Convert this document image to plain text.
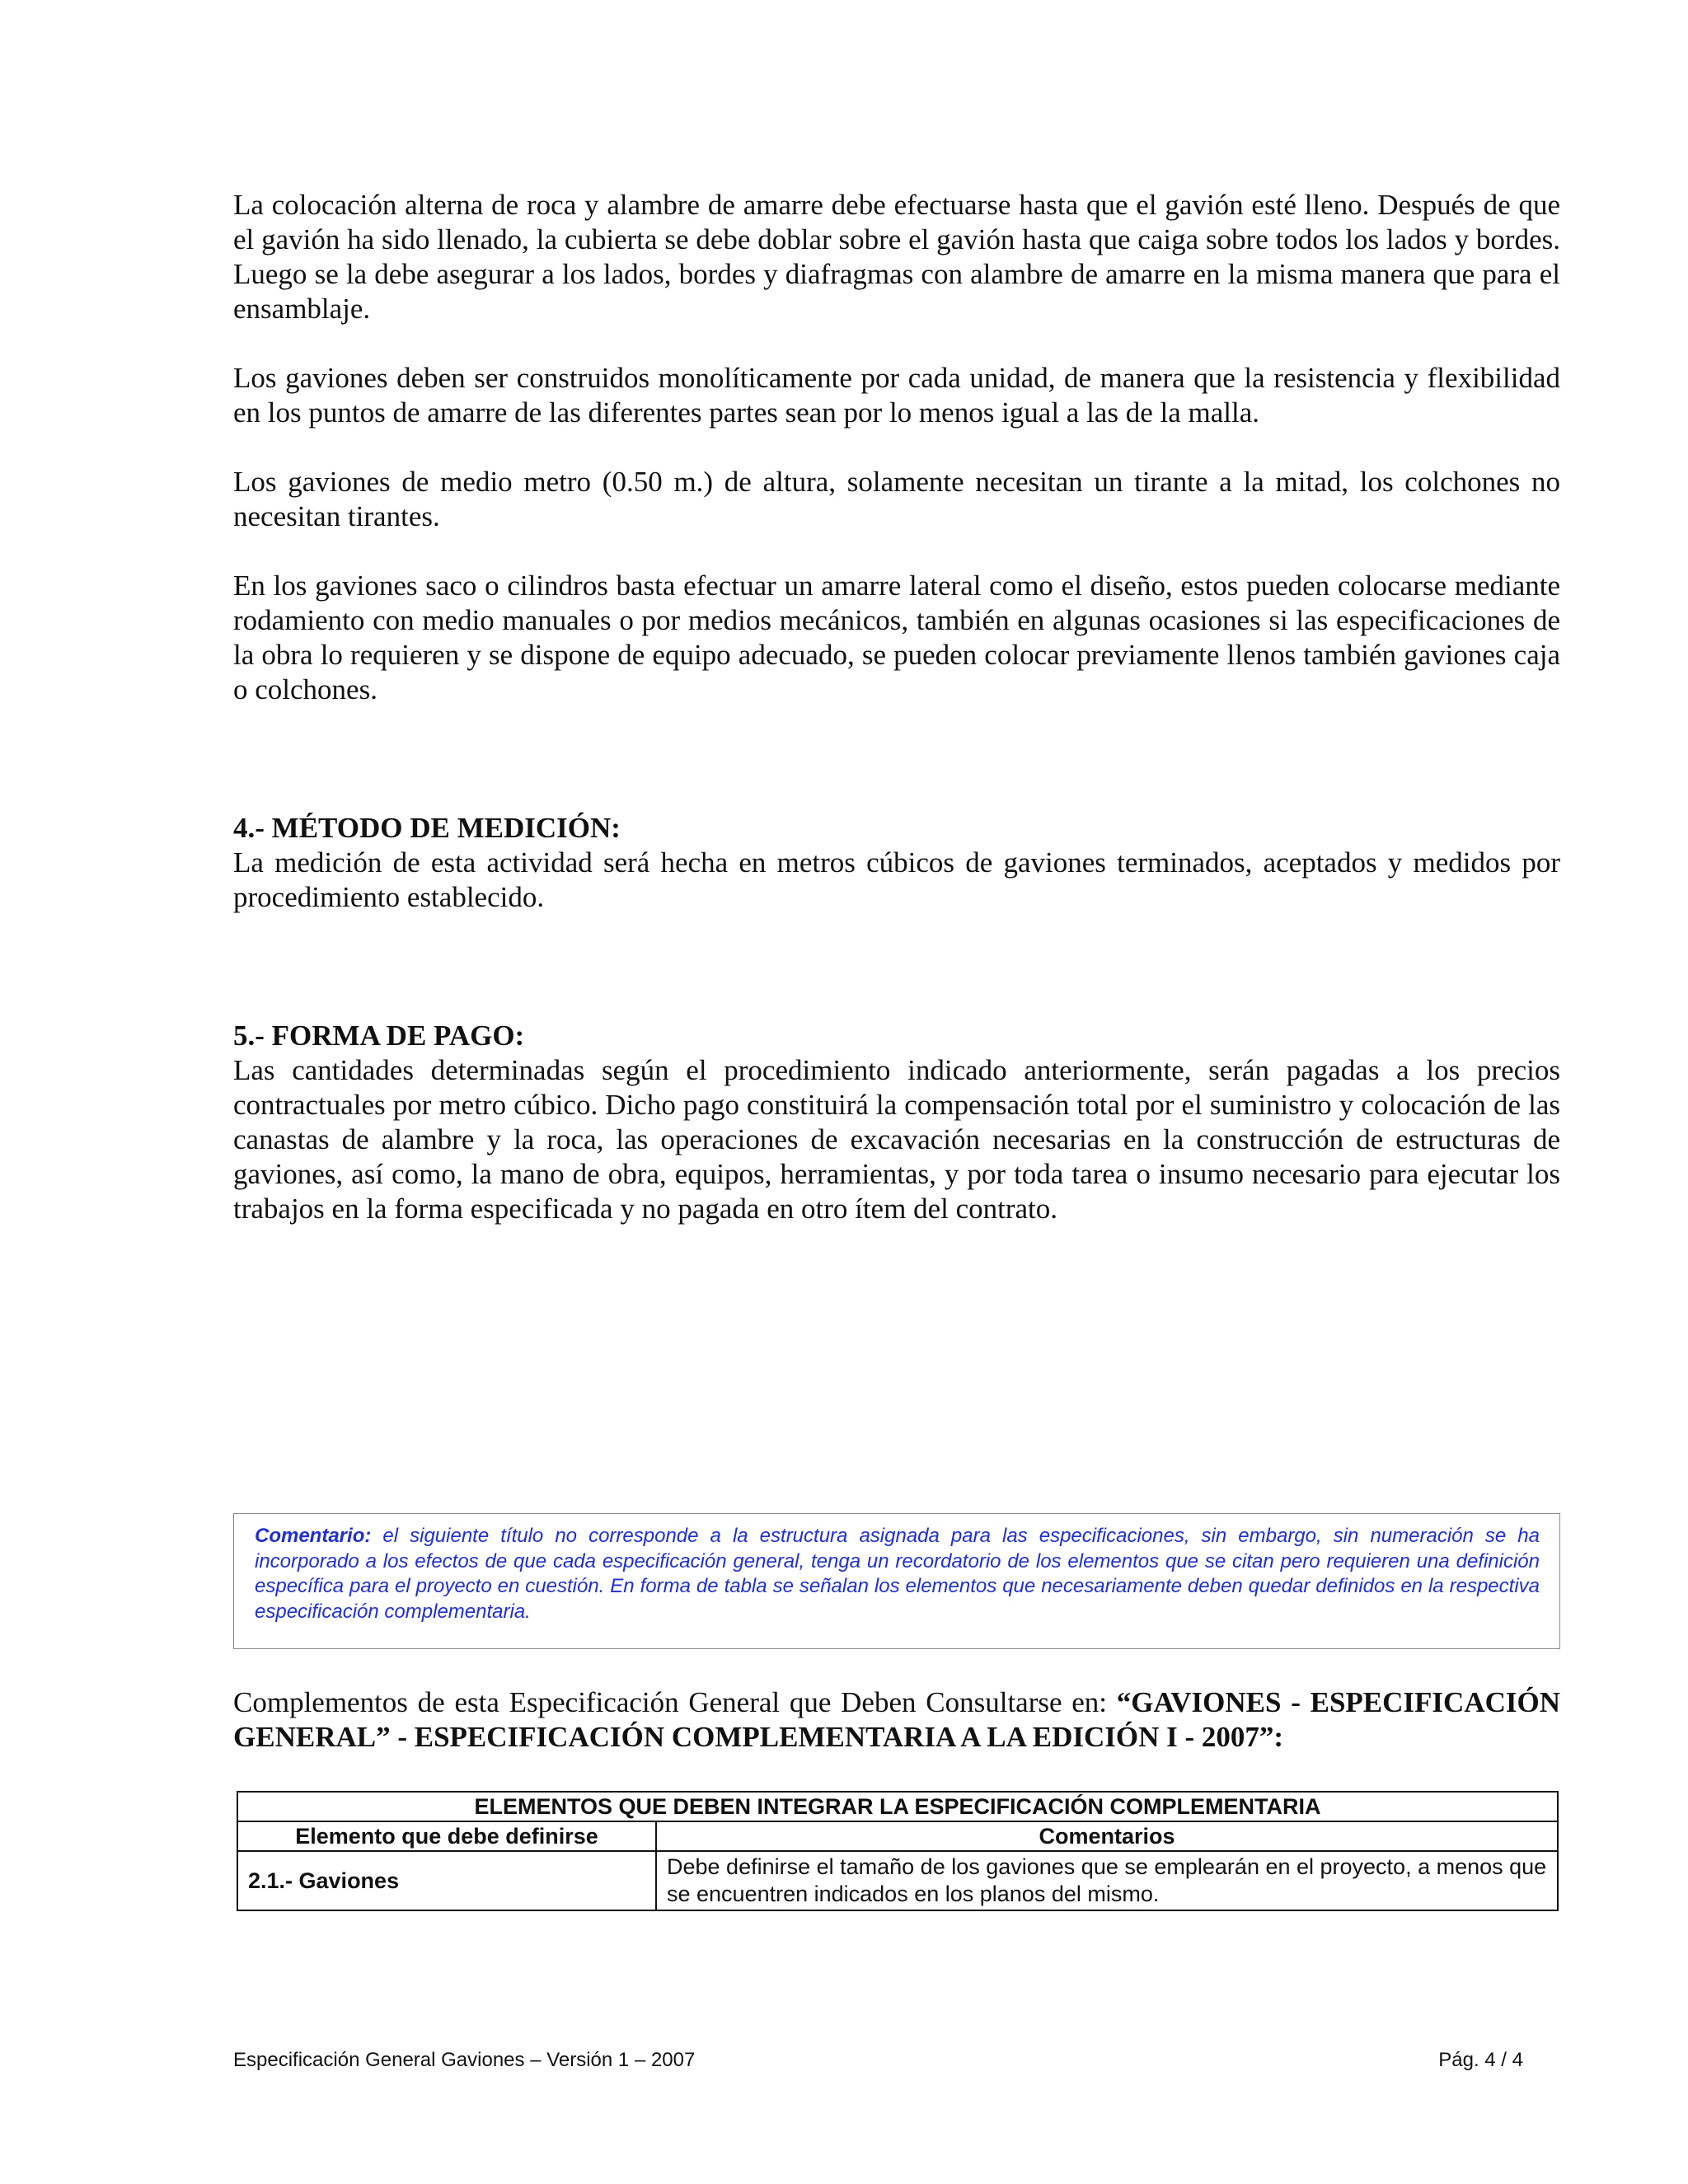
La colocación alterna de roca y alambre de amarre debe efectuarse hasta que el gavión esté lleno. Después de que el gavión ha sido llenado, la cubierta se debe doblar sobre el gavión hasta que caiga sobre todos los lados y bordes. Luego se la debe asegurar a los lados, bordes y diafragmas con alambre de amarre en la misma manera que para el ensamblaje.

Los gaviones deben ser construidos monolíticamente por cada unidad, de manera que la resistencia y flexibilidad en los puntos de amarre de las diferentes partes sean por lo menos igual a las de la malla.

Los gaviones de medio metro (0.50 m.) de altura, solamente necesitan un tirante a la mitad, los colchones no necesitan tirantes.

En los gaviones saco o cilindros basta efectuar un amarre lateral como el diseño, estos pueden colocarse mediante rodamiento con medio manuales o por medios mecánicos, también en algunas ocasiones si las especificaciones de la obra lo requieren y se dispone de equipo adecuado, se pueden colocar previamente llenos también gaviones caja o colchones.

4.- MÉTODO DE MEDICIÓN:

La medición de esta actividad será hecha en metros cúbicos de gaviones terminados, aceptados y medidos por procedimiento establecido.

5.- FORMA DE PAGO:

Las cantidades determinadas según el procedimiento indicado anteriormente, serán pagadas a los precios contractuales por metro cúbico. Dicho pago constituirá la compensación total por el suministro y colocación de las canastas de alambre y la roca, las operaciones de excavación necesarias en la construcción de estructuras de gaviones, así como, la mano de obra, equipos, herramientas, y por toda tarea o insumo necesario para ejecutar los trabajos en la forma especificada y no pagada en otro ítem del contrato.

Comentario: el siguiente título no corresponde a la estructura asignada para las especificaciones, sin embargo, sin numeración se ha incorporado a los efectos de que cada especificación general, tenga un recordatorio de los elementos que se citan pero requieren una definición específica para el proyecto en cuestión. En forma de tabla se señalan los elementos que necesariamente deben quedar definidos en la respectiva especificación complementaria.

Complementos de esta Especificación General que Deben Consultarse en: “GAVIONES - ESPECIFICACIÓN GENERAL” - ESPECIFICACIÓN COMPLEMENTARIA A LA EDICIÓN I - 2007”:

ELEMENTOS QUE DEBEN INTEGRAR LA ESPECIFICACIÓN COMPLEMENTARIA	
Elemento que debe definirse	Comentarios
2.1.- Gaviones	Debe definirse el tamaño de los gaviones que se emplearán en el proyecto, a menos que se encuentren indicados en los planos del mismo.
Especificación General Gaviones – Versión 1 – 2007	Pág. 4 / 4
